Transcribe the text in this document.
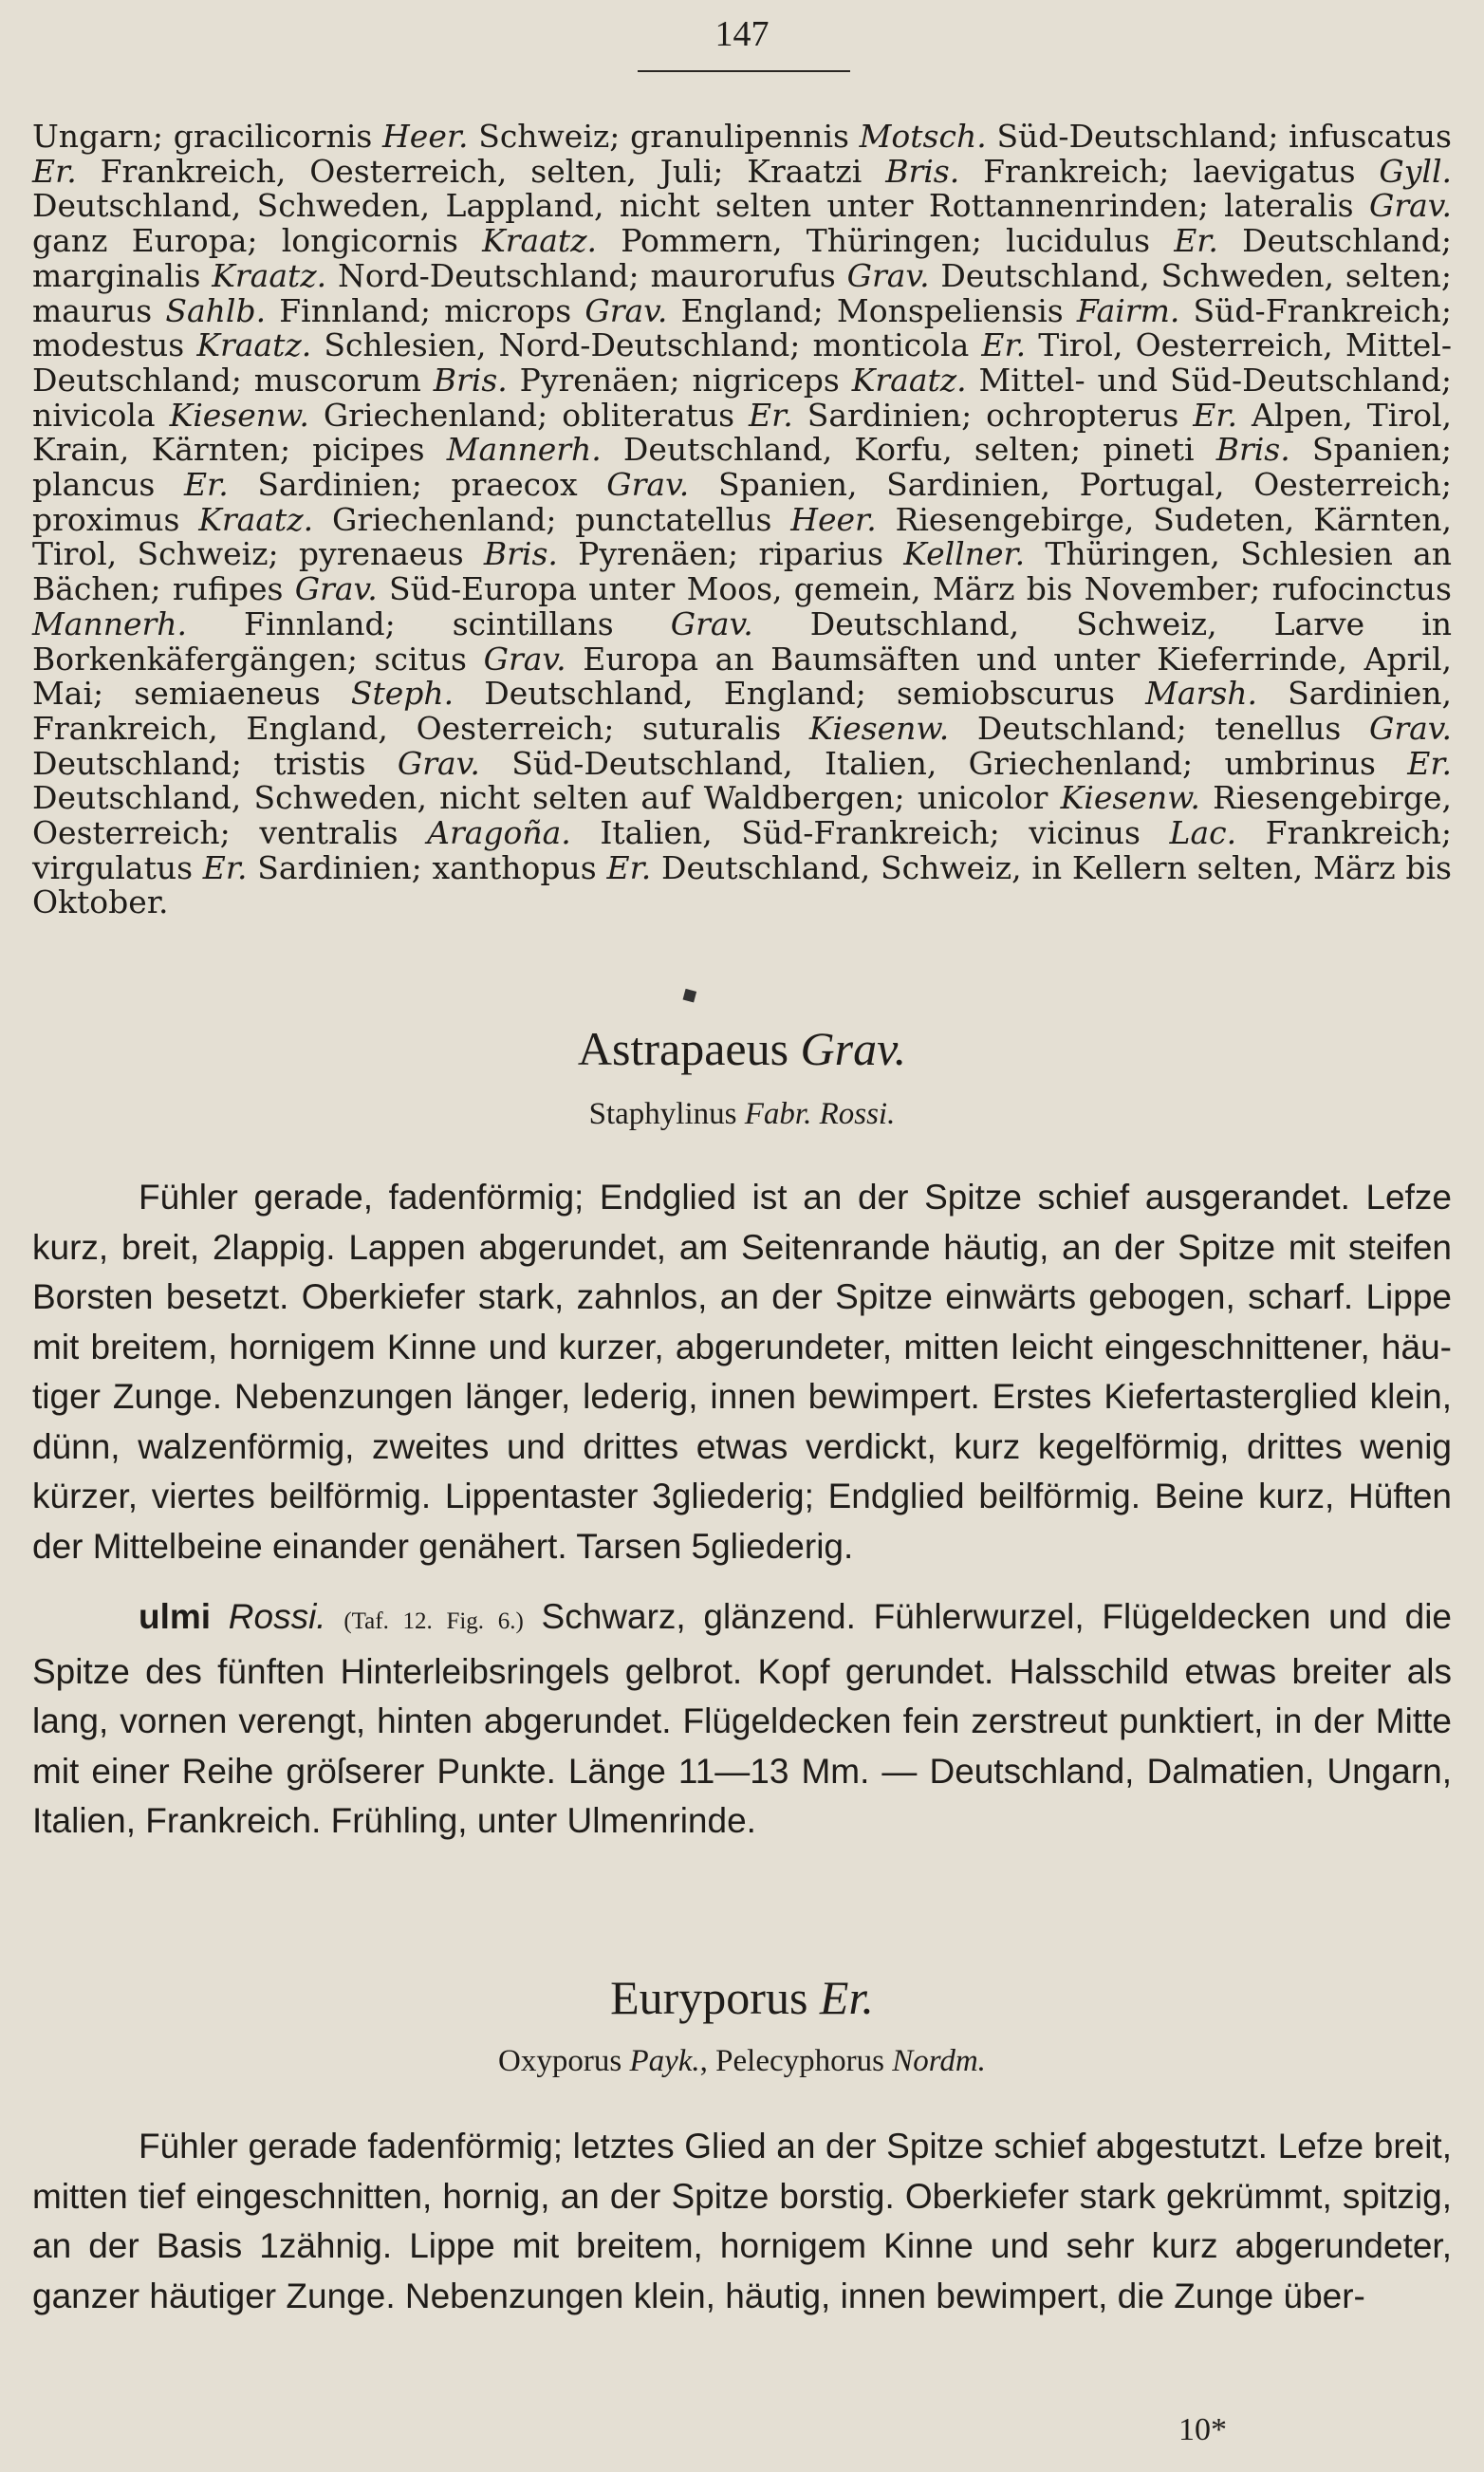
147

Ungarn; gracilicornis Heer. Schweiz; granulipennis Motsch. Süd-Deutschland; infuscatus Er. Frankreich, Oesterreich, selten, Juli; Kraatzi Bris. Frankreich; laevigatus Gyll. Deutschland, Schweden, Lappland, nicht selten unter Rottannenrinden; lateralis Grav. ganz Europa; longicornis Kraatz. Pommern, Thüringen; lucidulus Er. Deutschland; marginalis Kraatz. Nord-Deutschland; maurorufus Grav. Deutschland, Schweden, selten; maurus Sahlb. Finnland; microps Grav. England; Monspeliensis Fairm. Süd-Frankreich; modestus Kraatz. Schlesien, Nord-Deutschland; monticola Er. Tirol, Oesterreich, Mittel-Deutschland; muscorum Bris. Pyrenäen; nigriceps Kraatz. Mittel- und Süd-Deutschland; nivicola Kiesenw. Griechenland; obliteratus Er. Sardinien; ochropterus Er. Alpen, Tirol, Krain, Kärnten; picipes Mannerh. Deutschland, Korfu, selten; pineti Bris. Spanien; plancus Er. Sardinien; praecox Grav. Spanien, Sardinien, Portugal, Oesterreich; proximus Kraatz. Griechenland; punctatellus Heer. Riesengebirge, Sudeten, Kärnten, Tirol, Schweiz; pyrenaeus Bris. Pyrenäen; riparius Kellner. Thüringen, Schlesien an Bächen; rufipes Grav. Süd-Europa unter Moos, gemein, März bis November; rufocinctus Mannerh. Finnland; scintillans Grav. Deutschland, Schweiz, Larve in Borkenkäfergängen; scitus Grav. Europa an Baumsäften und unter Kieferrinde, April, Mai; semiaeneus Steph. Deutschland, England; semiobscurus Marsh. Sardinien, Frankreich, England, Oesterreich; suturalis Kiesenw. Deutschland; tenellus Grav. Deutschland; tristis Grav. Süd-Deutschland, Italien, Griechenland; umbrinus Er. Deutschland, Schweden, nicht selten auf Waldbergen; unicolor Kiesenw. Riesengebirge, Oesterreich; ventralis Aragoña. Italien, Süd-Frankreich; vicinus Lac. Frankreich; virgulatus Er. Sardinien; xanthopus Er. Deutschland, Schweiz, in Kellern selten, März bis Oktober.

◆
Astrapaeus Grav.

Staphylinus Fabr. Rossi.

Fühler gerade, fadenförmig; Endglied ist an der Spitze schief ausgerandet. Lefze kurz, breit, 2lappig. Lappen abgerundet, am Seitenrande häutig, an der Spitze mit steifen Borsten besetzt. Oberkiefer stark, zahnlos, an der Spitze einwärts gebogen, scharf. Lippe mit breitem, hornigem Kinne und kurzer, abgerundeter, mitten leicht eingeschnittener, häutiger Zunge. Nebenzungen länger, lederig, innen bewimpert. Erstes Kiefertasterglied klein, dünn, walzenförmig, zweites und drittes etwas verdickt, kurz kegelförmig, drittes wenig kürzer, viertes beilförmig. Lippentaster 3gliederig; Endglied beilförmig. Beine kurz, Hüften der Mittelbeine einander genähert. Tarsen 5gliederig.

ulmi Rossi. (Taf. 12. Fig. 6.) Schwarz, glänzend. Fühlerwurzel, Flügeldecken und die Spitze des fünften Hinterleibsringels gelbrot. Kopf gerundet. Halsschild etwas breiter als lang, vornen verengt, hinten abgerundet. Flügeldecken fein zerstreut punktiert, in der Mitte mit einer Reihe gröſserer Punkte. Länge 11—13 Mm. — Deutschland, Dalmatien, Ungarn, Italien, Frankreich. Frühling, unter Ulmenrinde.

Euryporus Er.

Oxyporus Payk., Pelecyphorus Nordm.

Fühler gerade fadenförmig; letztes Glied an der Spitze schief abgestutzt. Lefze breit, mitten tief eingeschnitten, hornig, an der Spitze borstig. Oberkiefer stark gekrümmt, spitzig, an der Basis 1zähnig. Lippe mit breitem, hornigem Kinne und sehr kurz abgerundeter, ganzer häutiger Zunge. Nebenzungen klein, häutig, innen bewimpert, die Zunge über-

10*
